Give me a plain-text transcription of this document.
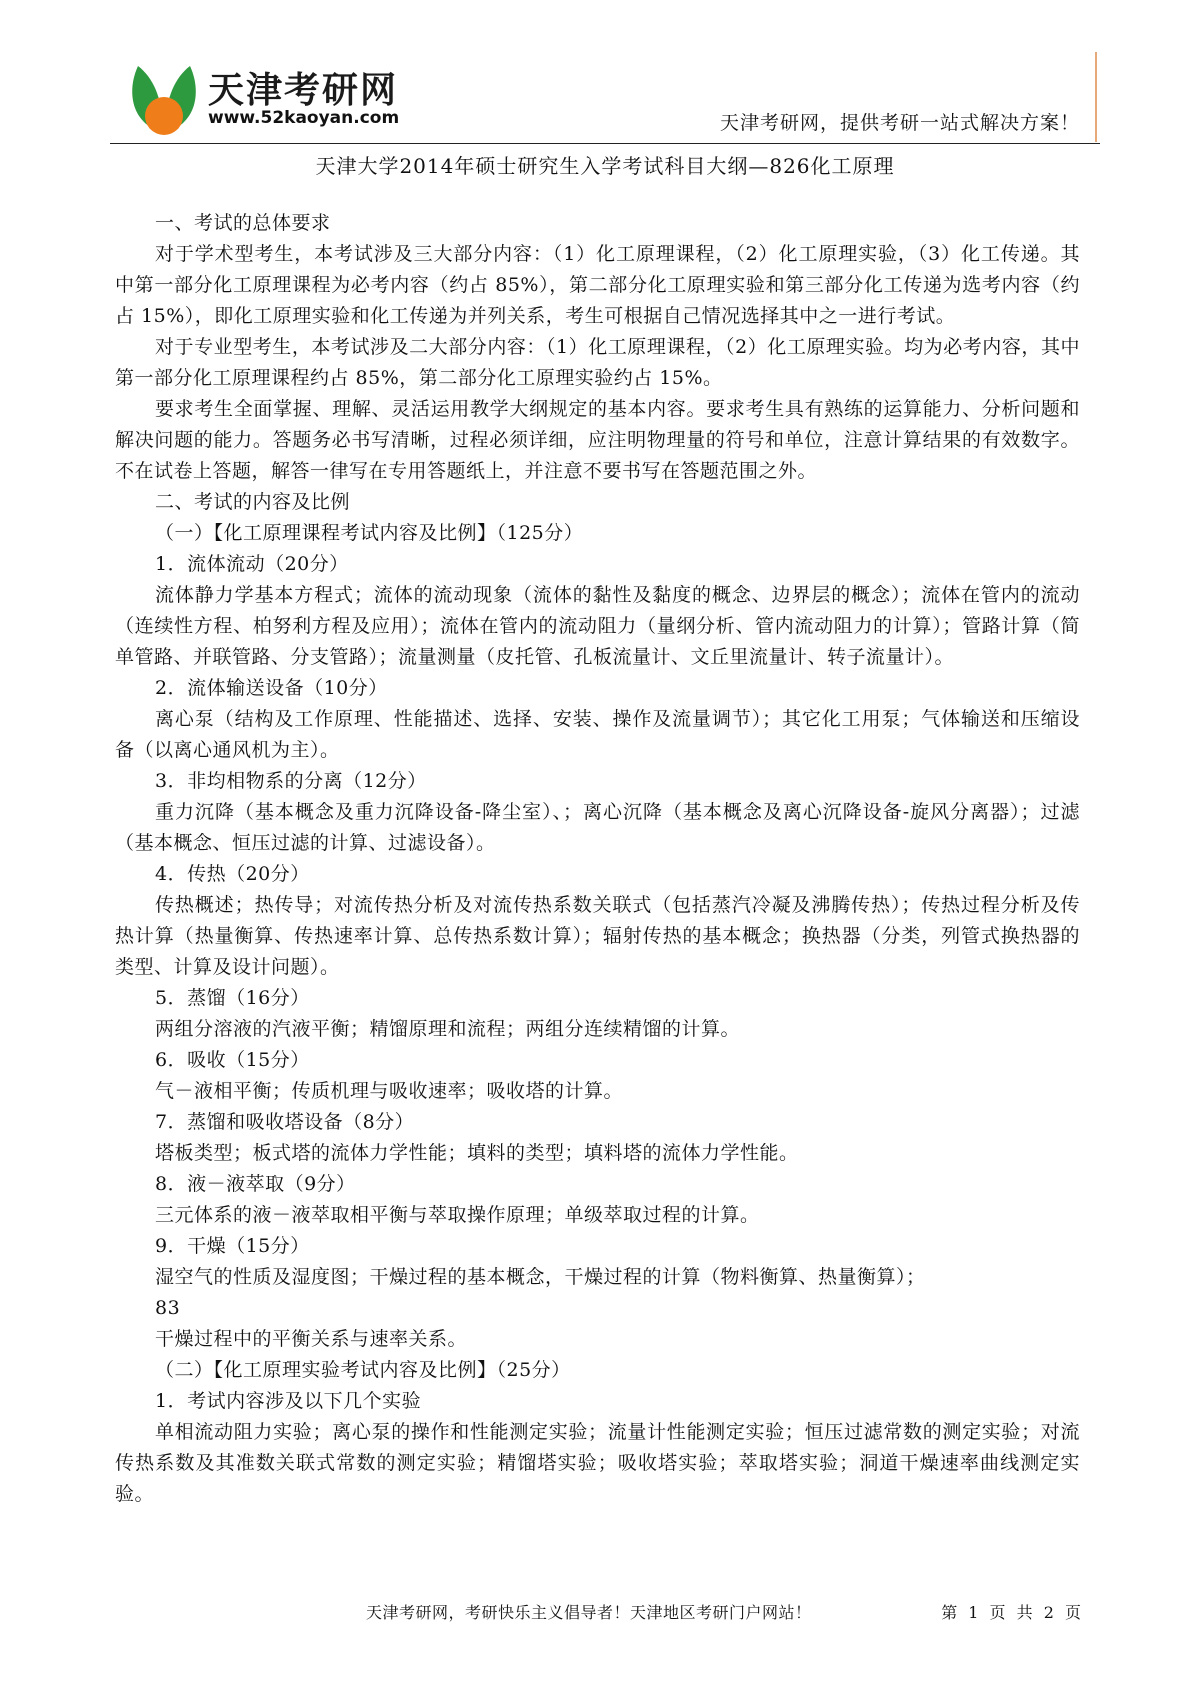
天津考研网
www.52kaoyan.com	天津考研网，提供考研一站式解决方案！
天津大学2014年硕士研究生入学考试科目大纲—826化工原理

一、考试的总体要求

对于学术型考生，本考试涉及三大部分内容：（1）化工原理课程，（2）化工原理实验，（3）化工传递。其中第一部分化工原理课程为必考内容（约占 85%），第二部分化工原理实验和第三部分化工传递为选考内容（约占 15%），即化工原理实验和化工传递为并列关系，考生可根据自己情况选择其中之一进行考试。

对于专业型考生，本考试涉及二大部分内容：（1）化工原理课程，（2）化工原理实验。均为必考内容，其中第一部分化工原理课程约占 85%，第二部分化工原理实验约占 15%。

要求考生全面掌握、理解、灵活运用教学大纲规定的基本内容。要求考生具有熟练的运算能力、分析问题和解决问题的能力。答题务必书写清晰，过程必须详细，应注明物理量的符号和单位，注意计算结果的有效数字。不在试卷上答题，解答一律写在专用答题纸上，并注意不要书写在答题范围之外。

二、考试的内容及比例

（一）【化工原理课程考试内容及比例】（125分）

1．流体流动（20分）

流体静力学基本方程式；流体的流动现象（流体的黏性及黏度的概念、边界层的概念）；流体在管内的流动（连续性方程、柏努利方程及应用）；流体在管内的流动阻力（量纲分析、管内流动阻力的计算）；管路计算（简单管路、并联管路、分支管路）；流量测量（皮托管、孔板流量计、文丘里流量计、转子流量计）。

2．流体输送设备（10分）

离心泵（结构及工作原理、性能描述、选择、安装、操作及流量调节）；其它化工用泵；气体输送和压缩设备（以离心通风机为主）。

3．非均相物系的分离（12分）

重力沉降（基本概念及重力沉降设备-降尘室）、；离心沉降（基本概念及离心沉降设备-旋风分离器）；过滤（基本概念、恒压过滤的计算、过滤设备）。

4．传热（20分）

传热概述；热传导；对流传热分析及对流传热系数关联式（包括蒸汽冷凝及沸腾传热）；传热过程分析及传热计算（热量衡算、传热速率计算、总传热系数计算）；辐射传热的基本概念；换热器（分类，列管式换热器的类型、计算及设计问题）。

5．蒸馏（16分）

两组分溶液的汽液平衡；精馏原理和流程；两组分连续精馏的计算。

6．吸收（15分）

气－液相平衡；传质机理与吸收速率；吸收塔的计算。

7．蒸馏和吸收塔设备（8分）

塔板类型；板式塔的流体力学性能；填料的类型；填料塔的流体力学性能。

8．液－液萃取（9分）

三元体系的液－液萃取相平衡与萃取操作原理；单级萃取过程的计算。

9．干燥（15分）

湿空气的性质及湿度图；干燥过程的基本概念，干燥过程的计算（物料衡算、热量衡算）；

83

干燥过程中的平衡关系与速率关系。

（二）【化工原理实验考试内容及比例】（25分）

1．考试内容涉及以下几个实验

单相流动阻力实验；离心泵的操作和性能测定实验；流量计性能测定实验；恒压过滤常数的测定实验；对流传热系数及其准数关联式常数的测定实验；精馏塔实验；吸收塔实验；萃取塔实验；洞道干燥速率曲线测定实验。

天津考研网，考研快乐主义倡导者！天津地区考研门户网站！	第 1 页 共 2 页
